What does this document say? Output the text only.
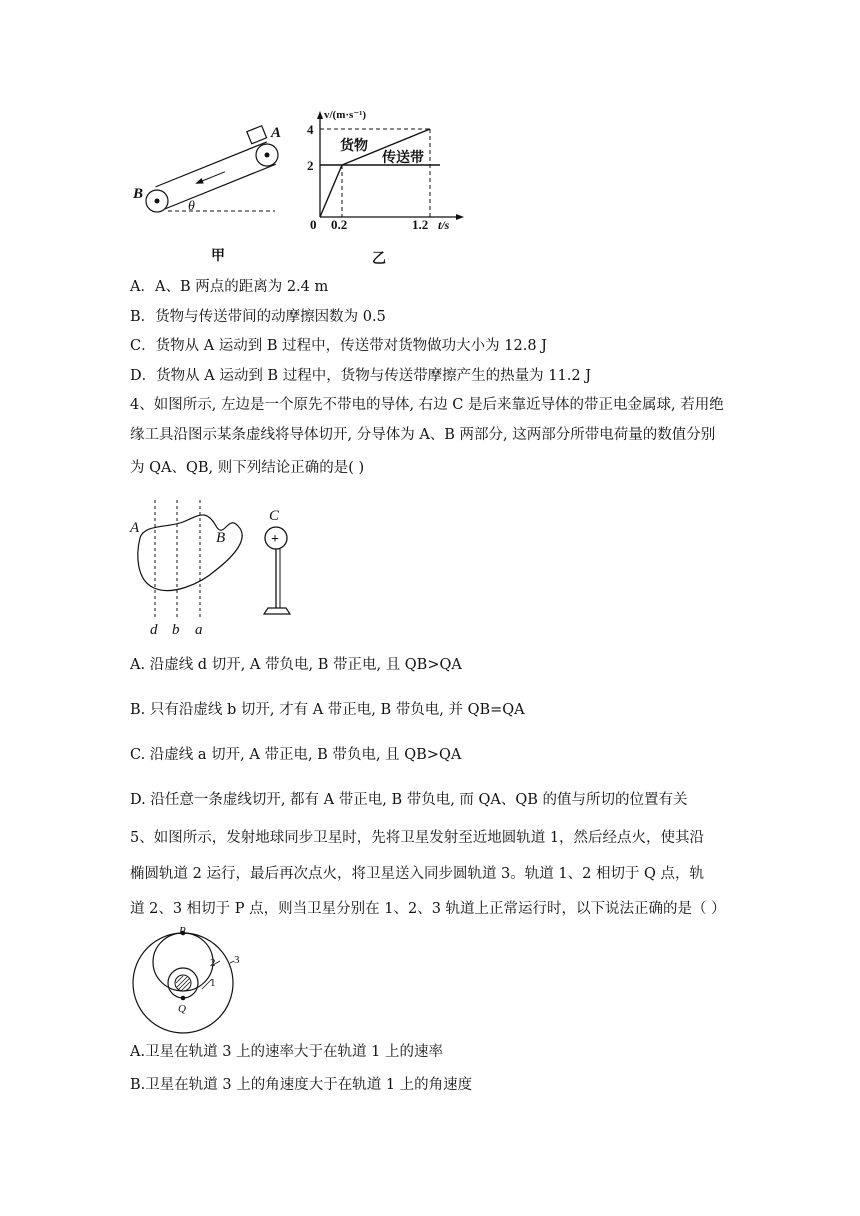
A
B
θ
甲
v/(m·s⁻¹)
t/s
4
2
0 0.2	1.2
货物
传送带
乙
A．A、B 两点的距离为 2.4 m
B．货物与传送带间的动摩擦因数为 0.5
C．货物从 A 运动到 B 过程中，传送带对货物做功大小为 12.8 J
D．货物从 A 运动到 B 过程中，货物与传送带摩擦产生的热量为 11.2 J
4、如图所示, 左边是一个原先不带电的导体, 右边 C 是后来靠近导体的带正电金属球, 若用绝
缘工具沿图示某条虚线将导体切开, 分导体为 A、B 两部分, 这两部分所带电荷量的数值分别
为 QA、QB, 则下列结论正确的是( )
A
B
C
+
d b a
A. 沿虚线 d 切开, A 带负电, B 带正电, 且 QB>QA
B. 只有沿虚线 b 切开, 才有 A 带正电, B 带负电, 并 QB=QA
C. 沿虚线 a 切开, A 带正电, B 带负电, 且 QB>QA
D. 沿任意一条虚线切开, 都有 A 带正电, B 带负电, 而 QA、QB 的值与所切的位置有关
5、如图所示，发射地球同步卫星时，先将卫星发射至近地圆轨道 1，然后经点火，使其沿
椭圆轨道 2 运行，最后再次点火，将卫星送入同步圆轨道 3。轨道 1、2 相切于 Q 点，轨
道 2、3 相切于 P 点，则当卫星分别在 1、2、3 轨道上正常运行时，以下说法正确的是（ ）
P
Q
1
2 3
A.卫星在轨道 3 上的速率大于在轨道 1 上的速率
B.卫星在轨道 3 上的角速度大于在轨道 1 上的角速度
